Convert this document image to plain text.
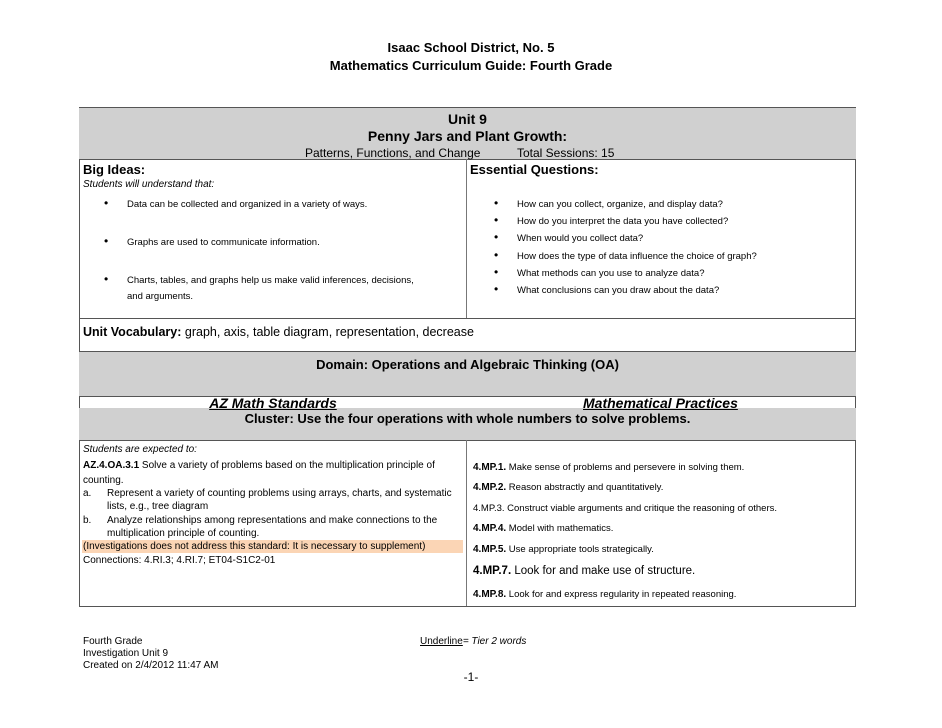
Isaac School District, No. 5
Mathematics Curriculum Guide: Fourth Grade
Unit 9
Penny Jars and Plant Growth:
Patterns, Functions, and Change	Total Sessions: 15
Big Ideas:
Students will understand that:
• Data can be collected and organized in a variety of ways.
• Graphs are used to communicate information.
• Charts, tables, and graphs help us make valid inferences, decisions,
and arguments.
Essential Questions:
• How can you collect, organize, and display data?
• How do you interpret the data you have collected?
• When would you collect data?
• How does the type of data influence the choice of graph?
• What methods can you use to analyze data?
• What conclusions can you draw about the data?
Unit Vocabulary: graph, axis, table diagram, representation, decrease
Domain: Operations and Algebraic Thinking (OA)
AZ Math Standards	Mathematical Practices
Cluster: Use the four operations with whole numbers to solve problems.
Students are expected to:
AZ.4.OA.3.1 Solve a variety of problems based on the multiplication principle of
counting.
a. Represent a variety of counting problems using arrays, charts, and systematic
lists, e.g., tree diagram
b. Analyze relationships among representations and make connections to the
multiplication principle of counting.
(Investigations does not address this standard: It is necessary to supplement)
Connections: 4.RI.3; 4.RI.7; ET04-S1C2-01
4.MP.1. Make sense of problems and persevere in solving them.
4.MP.2. Reason abstractly and quantitatively.
4.MP.3. Construct viable arguments and critique the reasoning of others.
4.MP.4. Model with mathematics.
4.MP.5. Use appropriate tools strategically.
4.MP.7. Look for and make use of structure.
4.MP.8. Look for and express regularity in repeated reasoning.
Fourth Grade
Investigation Unit 9
Created on 2/4/2012 11:47 AM
Underline= Tier 2 words
-1-
